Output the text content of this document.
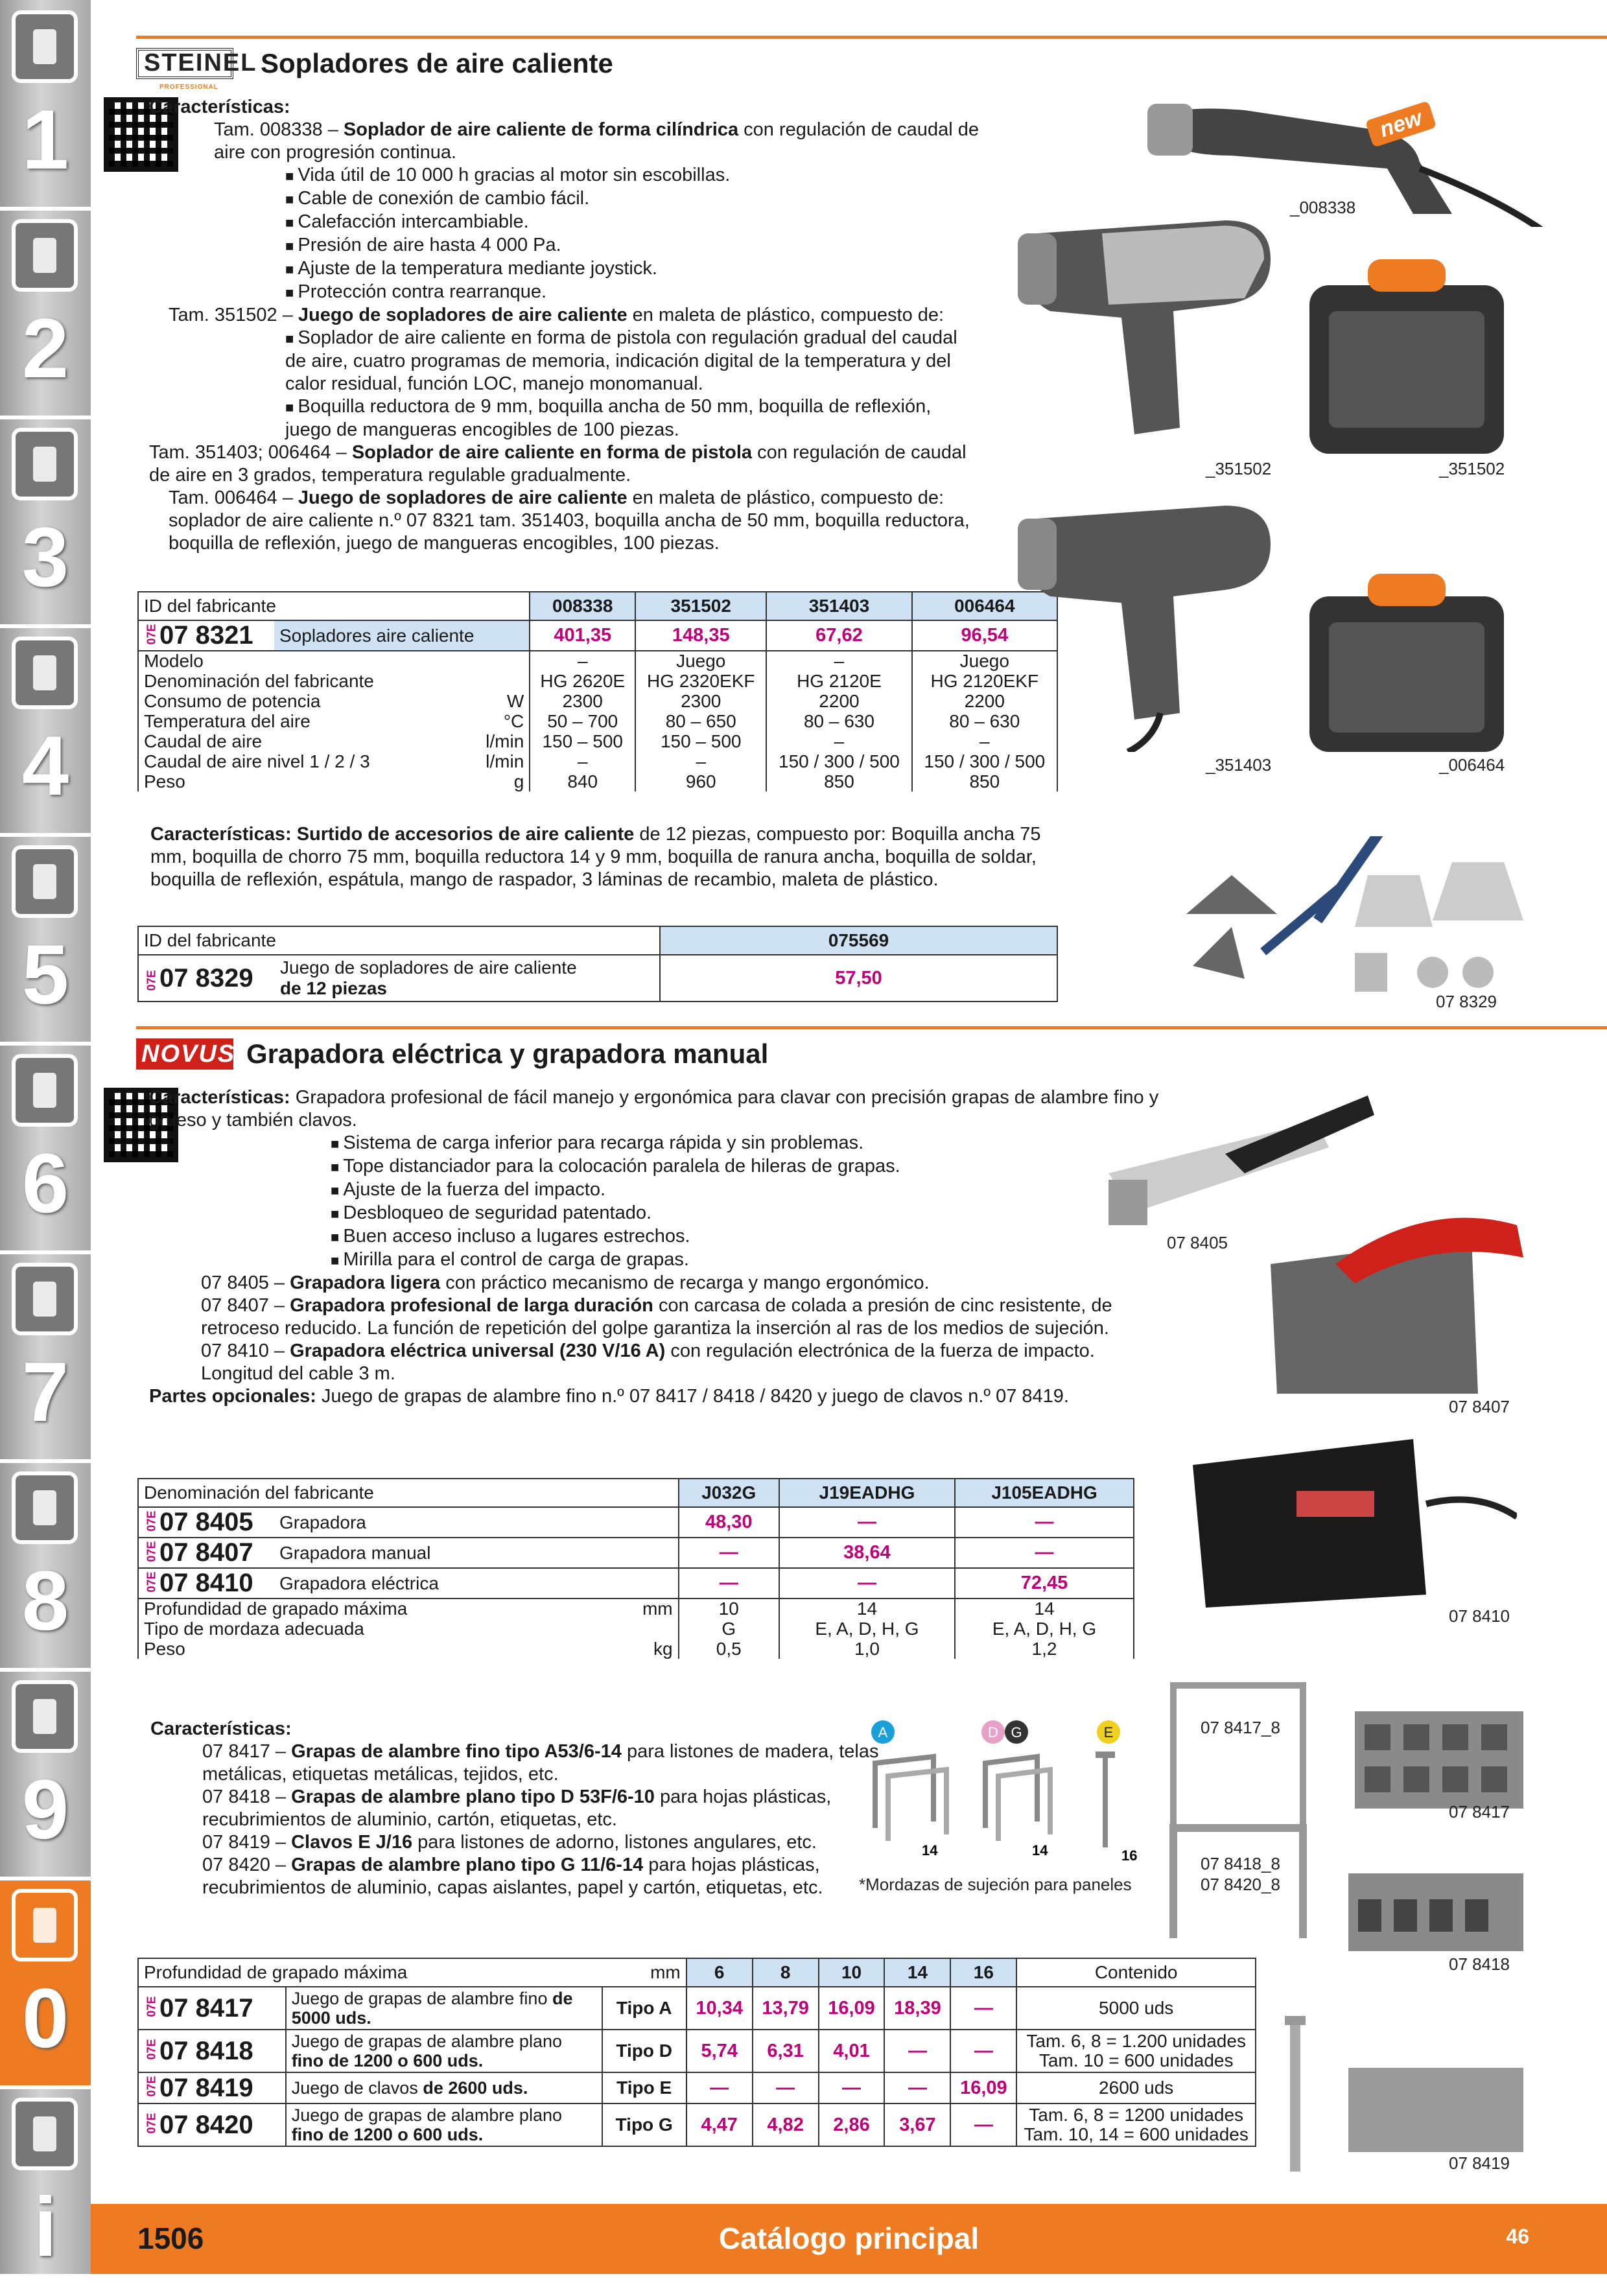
1
2
3
4
5
6
7
8
9
0
i
STEINEL
PROFESSIONAL
Sopladores de aire caliente
Características:
Tam. 008338 – Soplador de aire caliente de forma cilíndrica con regulación de caudal de aire con progresión continua.
■ Vida útil de 10 000 h gracias al motor sin escobillas.
■ Cable de conexión de cambio fácil.
■ Calefacción intercambiable.
■ Presión de aire hasta 4 000 Pa.
■ Ajuste de la temperatura mediante joystick.
■ Protección contra rearranque.
Tam. 351502 – Juego de sopladores de aire caliente en maleta de plástico, compuesto de:
■ Soplador de aire caliente en forma de pistola con regulación gradual del caudal de aire, cuatro programas de memoria, indicación digital de la temperatura y del calor residual, función LOC, manejo monomanual.
■ Boquilla reductora de 9 mm, boquilla ancha de 50 mm, boquilla de reflexión, juego de mangueras encogibles de 100 piezas.
Tam. 351403; 006464 – Soplador de aire caliente en forma de pistola con regulación de caudal de aire en 3 grados, temperatura regulable gradualmente.
Tam. 006464 – Juego de sopladores de aire caliente en maleta de plástico, compuesto de: soplador de aire caliente n.º 07 8321 tam. 351403, boquilla ancha de 50 mm, boquilla reductora, boquilla de reflexión, juego de mangueras encogibles, 100 piezas.
ID del fabricante			008338	351502	351403	006464
07E07 8321	Sopladores aire caliente		401,35	148,35	67,62	96,54
Modelo			–	Juego	–	Juego
Denominación del fabricante			HG 2620E	HG 2320EKF	HG 2120E	HG 2120EKF
Consumo de potencia		W	2300	2300	2200	2200
Temperatura del aire		°C	50 – 700	80 – 650	80 – 630	80 – 630
Caudal de aire		l/min	150 – 500	150 – 500	–	–
Caudal de aire nivel 1 / 2 / 3		l/min	–	–	150 / 300 / 500	150 / 300 / 500
Peso		g	840	960	850	850
Características: Surtido de accesorios de aire caliente de 12 piezas, compuesto por: Boquilla ancha 75 mm, boquilla de chorro 75 mm, boquilla reductora 14 y 9 mm, boquilla de ranura ancha, boquilla de soldar, boquilla de reflexión, espátula, mango de raspador, 3 láminas de recambio, maleta de plástico.
ID del fabricante	075569

07E07 8329 Juego de sopladores de aire caliente
de 12 piezas	57,50
new
_008338
_351502	_351502
_351403	_006464
07 8329
NOVUS Grapadora eléctrica y grapadora manual
Características: Grapadora profesional de fácil manejo y ergonómica para clavar con precisión grapas de alambre fino y grueso y también clavos.
■ Sistema de carga inferior para recarga rápida y sin problemas.
■ Tope distanciador para la colocación paralela de hileras de grapas.
■ Ajuste de la fuerza del impacto.
■ Desbloqueo de seguridad patentado.
■ Buen acceso incluso a lugares estrechos.
■ Mirilla para el control de carga de grapas.
07 8405 – Grapadora ligera con práctico mecanismo de recarga y mango ergonómico.
07 8407 – Grapadora profesional de larga duración con carcasa de colada a presión de cinc resistente, de retroceso reducido. La función de repetición del golpe garantiza la inserción al ras de los medios de sujeción.
07 8410 – Grapadora eléctrica universal (230 V/16 A) con regulación electrónica de la fuerza de impacto. Longitud del cable 3 m.
Partes opcionales: Juego de grapas de alambre fino n.º 07 8417 / 8418 / 8420 y juego de clavos n.º 07 8419.
Denominación del fabricante			J032G	J19EADHG	J105EADHG
07E07 8405	Grapadora		48,30	—	—
07E07 8407	Grapadora manual		—	38,64	—
07E07 8410	Grapadora eléctrica		—	—	72,45
Profundidad de grapado máxima		mm	10	14	14
Tipo de mordaza adecuada			G	E, A, D, H, G	E, A, D, H, G
Peso		kg	0,5	1,0	1,2
07 8405
07 8407
07 8410
Características:
07 8417 – Grapas de alambre fino tipo A53/6-14 para listones de madera, telas metálicas, etiquetas metálicas, tejidos, etc.
07 8418 – Grapas de alambre plano tipo D 53F/6-10 para hojas plásticas, recubrimientos de aluminio, cartón, etiquetas, etc.
07 8419 – Clavos E J/16 para listones de adorno, listones angulares, etc.
07 8420 – Grapas de alambre plano tipo G 11/6-14 para hojas plásticas, recubrimientos de aluminio, capas aislantes, papel y cartón, etiquetas, etc.
A	D G	E
14	14	16
*Mordazas de sujeción para paneles
07 8417_8
07 8417
07 8418_8
07 8420_8
07 8418
07 8419
Profundidad de grapado máxima		mm	6	8	10	14	16	Contenido
07E07 8417	Juego de grapas de alambre fino de 5000 uds.	Tipo A	10,34	13,79	16,09	18,39	—	5000 uds

07E07 8418	Juego de grapas de alambre plano fino de 1200 o 600 uds.	Tipo D	5,74	6,31	4,01	—	—	Tam. 6, 8 = 1.200 unidades
Tam. 10 = 600 unidades

07E07 8419	Juego de clavos de 2600 uds.	Tipo E	—	—	—	—	16,09	2600 uds

07E07 8420	Juego de grapas de alambre plano fino de 1200 o 600 uds.	Tipo G	4,47	4,82	2,86	3,67	—	Tam. 6, 8 = 1200 unidades
Tam. 10, 14 = 600 unidades
1506	Catálogo principal	46
